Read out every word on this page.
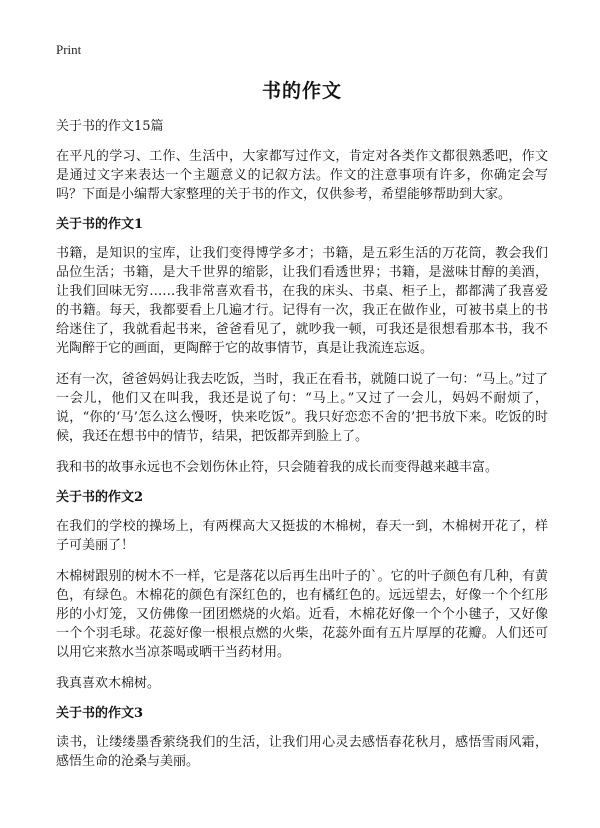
Print
书的作文
关于书的作文15篇

在平凡的学习、工作、生活中，大家都写过作文，肯定对各类作文都很熟悉吧，作文是通过文字来表达一个主题意义的记叙方法。作文的注意事项有许多，你确定会写吗？下面是小编帮大家整理的关于书的作文，仅供参考，希望能够帮助到大家。

关于书的作文1

书籍，是知识的宝库，让我们变得博学多才；书籍，是五彩生活的万花筒，教会我们品位生活；书籍，是大千世界的缩影，让我们看透世界；书籍，是滋味甘醇的美酒，让我们回味无穷……我非常喜欢看书，在我的床头、书桌、柜子上，都都满了我喜爱的书籍。每天，我都要看上几遍才行。记得有一次，我正在做作业，可被书桌上的书给迷住了，我就看起书来，爸爸看见了，就吵我一顿，可我还是很想看那本书，我不光陶醉于它的画面，更陶醉于它的故事情节，真是让我流连忘返。

还有一次，爸爸妈妈让我去吃饭，当时，我正在看书，就随口说了一句：“马上。”过了一会儿，他们又在叫我，我还是说了句：“马上。”又过了一会儿，妈妈不耐烦了，说，“你的‘马’怎么这么慢呀，快来吃饭”。我只好恋恋不舍的’把书放下来。吃饭的时候，我还在想书中的情节，结果，把饭都弄到脸上了。

我和书的故事永远也不会划伤休止符，只会随着我的成长而变得越来越丰富。

关于书的作文2

在我们的学校的操场上，有两棵高大又挺拔的木棉树，春天一到，木棉树开花了，样子可美丽了！

木棉树跟别的树木不一样，它是落花以后再生出叶子的`。它的叶子颜色有几种，有黄色，有绿色。木棉花的颜色有深红色的，也有橘红色的。远远望去，好像一个个红彤彤的小灯笼，又仿佛像一团团燃烧的火焰。近看，木棉花好像一个个小毽子，又好像一个个羽毛球。花蕊好像一根根点燃的火柴，花蕊外面有五片厚厚的花瓣。人们还可以用它来熬水当凉茶喝或晒干当药材用。

我真喜欢木棉树。

关于书的作文3

读书，让缕缕墨香萦绕我们的生活，让我们用心灵去感悟春花秋月，感悟雪雨风霜，感悟生命的沧桑与美丽。
